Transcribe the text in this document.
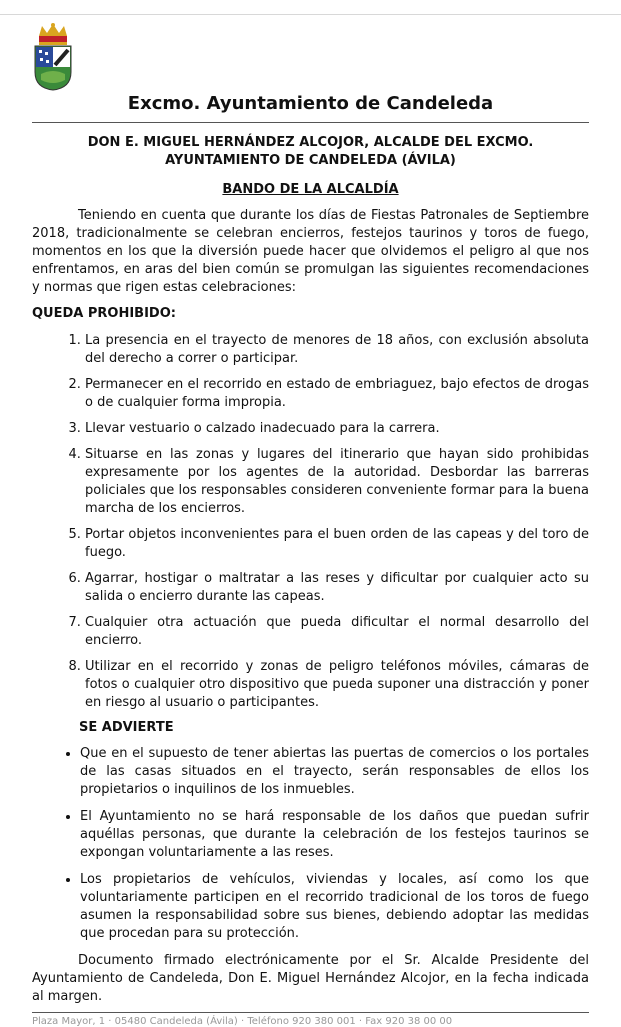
Excmo. Ayuntamiento de Candeleda
DON E. MIGUEL HERNÁNDEZ ALCOJOR, ALCALDE DEL EXCMO. AYUNTAMIENTO DE CANDELEDA (ÁVILA)
BANDO DE LA ALCALDÍA
Teniendo en cuenta que durante los días de Fiestas Patronales de Septiembre 2018, tradicionalmente se celebran encierros, festejos taurinos y toros de fuego, momentos en los que la diversión puede hacer que olvidemos el peligro al que nos enfrentamos, en aras del bien común se promulgan las siguientes recomendaciones y normas que rigen estas celebraciones:
QUEDA PROHIBIDO:
1. La presencia en el trayecto de menores de 18 años, con exclusión absoluta del derecho a correr o participar.
2. Permanecer en el recorrido en estado de embriaguez, bajo efectos de drogas o de cualquier forma impropia.
3. Llevar vestuario o calzado inadecuado para la carrera.
4. Situarse en las zonas y lugares del itinerario que hayan sido prohibidas expresamente por los agentes de la autoridad. Desbordar las barreras policiales que los responsables consideren conveniente formar para la buena marcha de los encierros.
5. Portar objetos inconvenientes para el buen orden de las capeas y del toro de fuego.
6. Agarrar, hostigar o maltratar a las reses y dificultar por cualquier acto su salida o encierro durante las capeas.
7. Cualquier otra actuación que pueda dificultar el normal desarrollo del encierro.
8. Utilizar en el recorrido y zonas de peligro teléfonos móviles, cámaras de fotos o cualquier otro dispositivo que pueda suponer una distracción y poner en riesgo al usuario o participantes.
SE ADVIERTE
• Que en el supuesto de tener abiertas las puertas de comercios o los portales de las casas situados en el trayecto, serán responsables de ellos los propietarios o inquilinos de los inmuebles.
• El Ayuntamiento no se hará responsable de los daños que puedan sufrir aquéllas personas, que durante la celebración de los festejos taurinos se expongan voluntariamente a las reses.
• Los propietarios de vehículos, viviendas y locales, así como los que voluntariamente participen en el recorrido tradicional de los toros de fuego asumen la responsabilidad sobre sus bienes, debiendo adoptar las medidas que procedan para su protección.
Documento firmado electrónicamente por el Sr. Alcalde Presidente del Ayuntamiento de Candeleda, Don E. Miguel Hernández Alcojor, en la fecha indicada al margen.
Plaza Mayor, 1 · 05480 Candeleda (Ávila) · Teléfono 920 380 001 · Fax 920 38 00 00
